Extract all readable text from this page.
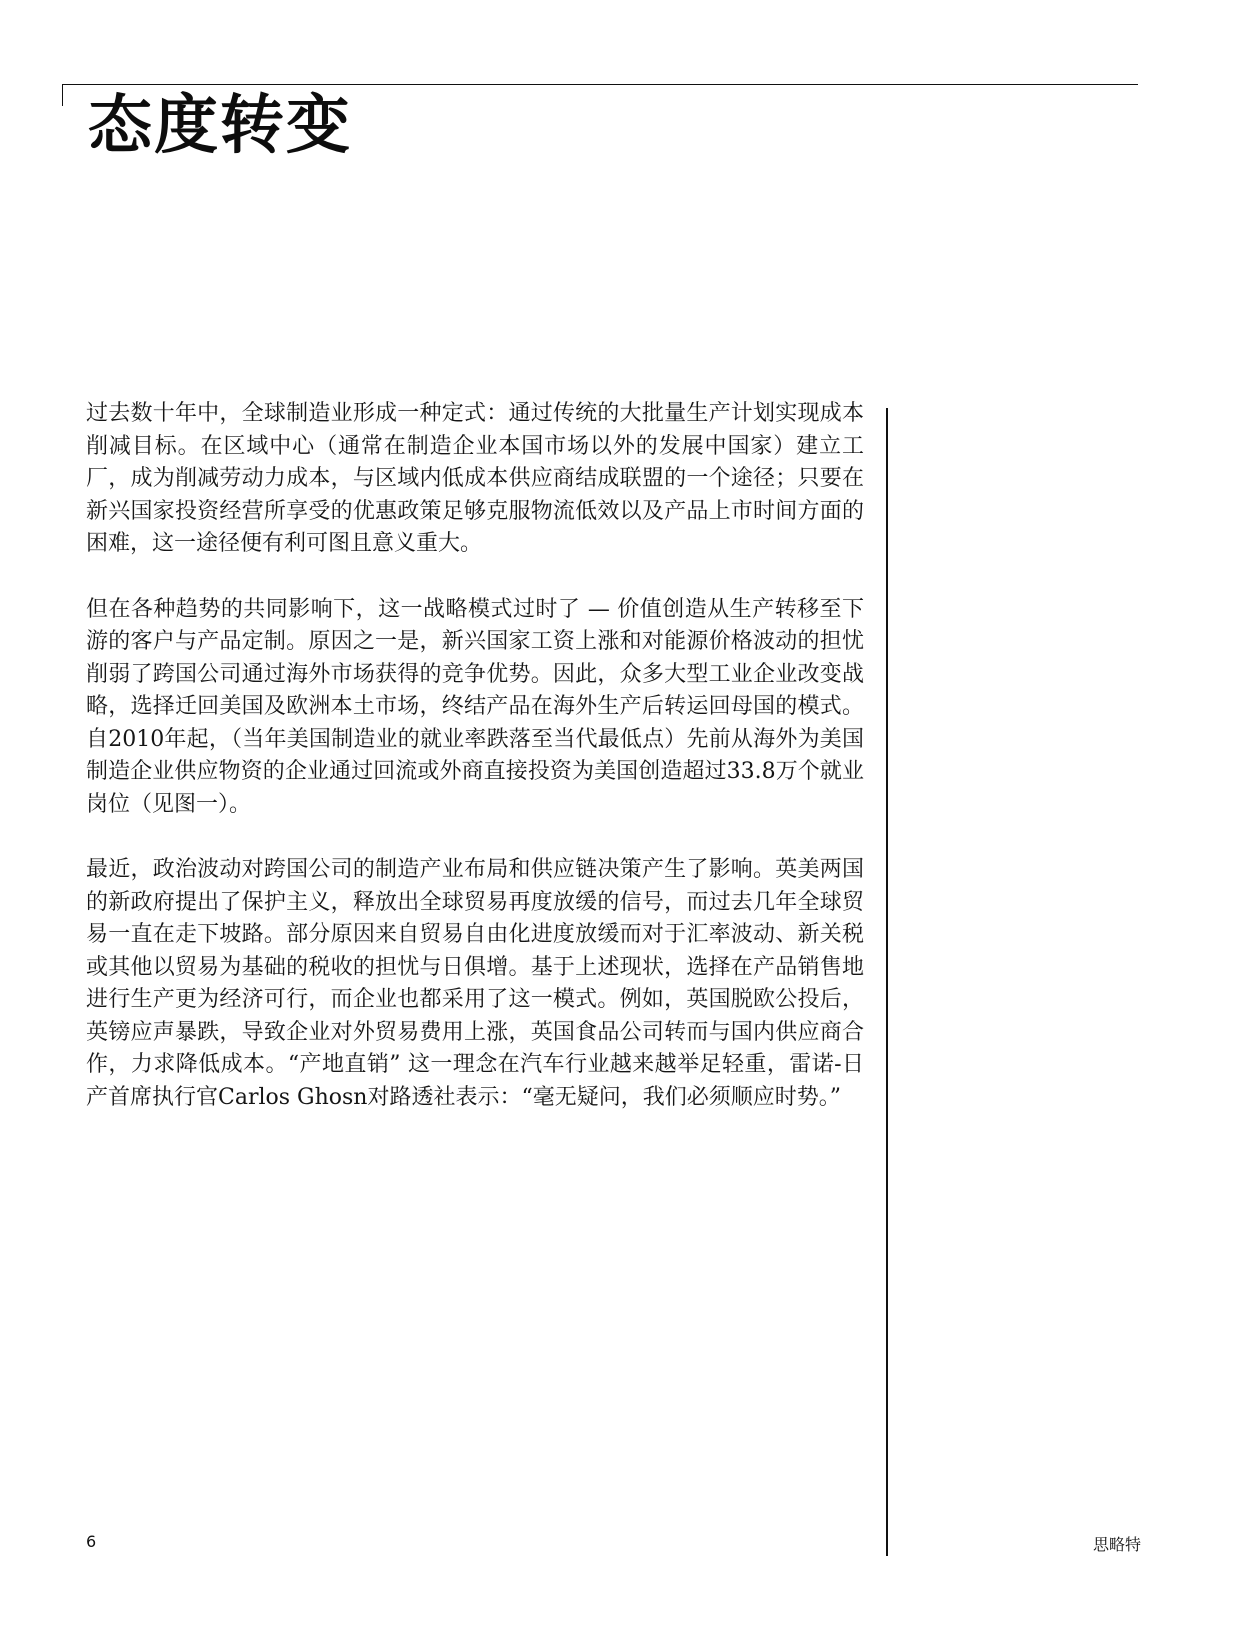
态度转变

过去数十年中，全球制造业形成一种定式：通过传统的大批量生产计划实现成本削减目标。在区域中心（通常在制造企业本国市场以外的发展中国家）建立工厂，成为削减劳动力成本，与区域内低成本供应商结成联盟的一个途径；只要在新兴国家投资经营所享受的优惠政策足够克服物流低效以及产品上市时间方面的困难，这一途径便有利可图且意义重大。

但在各种趋势的共同影响下，这一战略模式过时了 — 价值创造从生产转移至下游的客户与产品定制。原因之一是，新兴国家工资上涨和对能源价格波动的担忧削弱了跨国公司通过海外市场获得的竞争优势。因此，众多大型工业企业改变战略，选择迁回美国及欧洲本土市场，终结产品在海外生产后转运回母国的模式。自2010年起，（当年美国制造业的就业率跌落至当代最低点）先前从海外为美国制造企业供应物资的企业通过回流或外商直接投资为美国创造超过33.8万个就业岗位（见图一）。

最近，政治波动对跨国公司的制造产业布局和供应链决策产生了影响。英美两国的新政府提出了保护主义，释放出全球贸易再度放缓的信号，而过去几年全球贸易一直在走下坡路。部分原因来自贸易自由化进度放缓而对于汇率波动、新关税或其他以贸易为基础的税收的担忧与日俱增。基于上述现状，选择在产品销售地进行生产更为经济可行，而企业也都采用了这一模式。例如，英国脱欧公投后，英镑应声暴跌，导致企业对外贸易费用上涨，英国食品公司转而与国内供应商合作，力求降低成本。“产地直销” 这一理念在汽车行业越来越举足轻重，雷诺-日产首席执行官Carlos Ghosn对路透社表示：“毫无疑问，我们必须顺应时势。”

6	思略特
